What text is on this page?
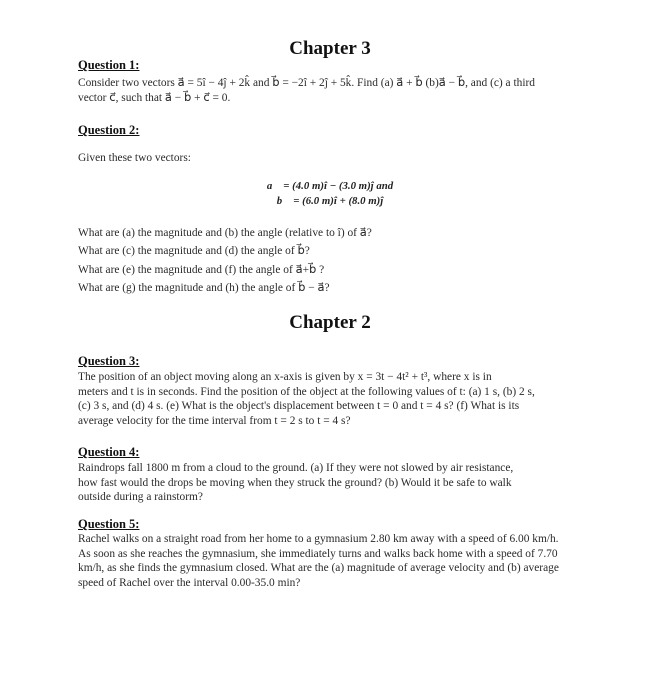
Chapter 3
Question 1:
Consider two vectors a⃗ = 5î − 4ĵ + 2k̂ and b⃗ = −2î + 2ĵ + 5k̂. Find (a) a⃗ + b⃗ (b)a⃗ − b⃗, and (c) a third
vector c⃗, such that a⃗ − b⃗ + c⃗ = 0.
Question 2:
Given these two vectors:
a⃗ = (4.0 m)î − (3.0 m)ĵ and
b⃗ = (6.0 m)î + (8.0 m)ĵ
What are (a) the magnitude and (b) the angle (relative to î) of a⃗?
What are (c) the magnitude and (d) the angle of b⃗?
What are (e) the magnitude and (f) the angle of a⃗+b⃗ ?
What are (g) the magnitude and (h) the angle of b⃗ − a⃗?
Chapter 2
Question 3:
The position of an object moving along an x-axis is given by x = 3t − 4t² + t³, where x is in
meters and t is in seconds. Find the position of the object at the following values of t: (a) 1 s, (b) 2 s,
(c) 3 s, and (d) 4 s. (e) What is the object's displacement between t = 0 and t = 4 s? (f) What is its
average velocity for the time interval from t = 2 s to t = 4 s?
Question 4:
Raindrops fall 1800 m from a cloud to the ground. (a) If they were not slowed by air resistance,
how fast would the drops be moving when they struck the ground? (b) Would it be safe to walk
outside during a rainstorm?
Question 5:
Rachel walks on a straight road from her home to a gymnasium 2.80 km away with a speed of 6.00 km/h.
As soon as she reaches the gymnasium, she immediately turns and walks back home with a speed of 7.70
km/h, as she finds the gymnasium closed. What are the (a) magnitude of average velocity and (b) average
speed of Rachel over the interval 0.00-35.0 min?
